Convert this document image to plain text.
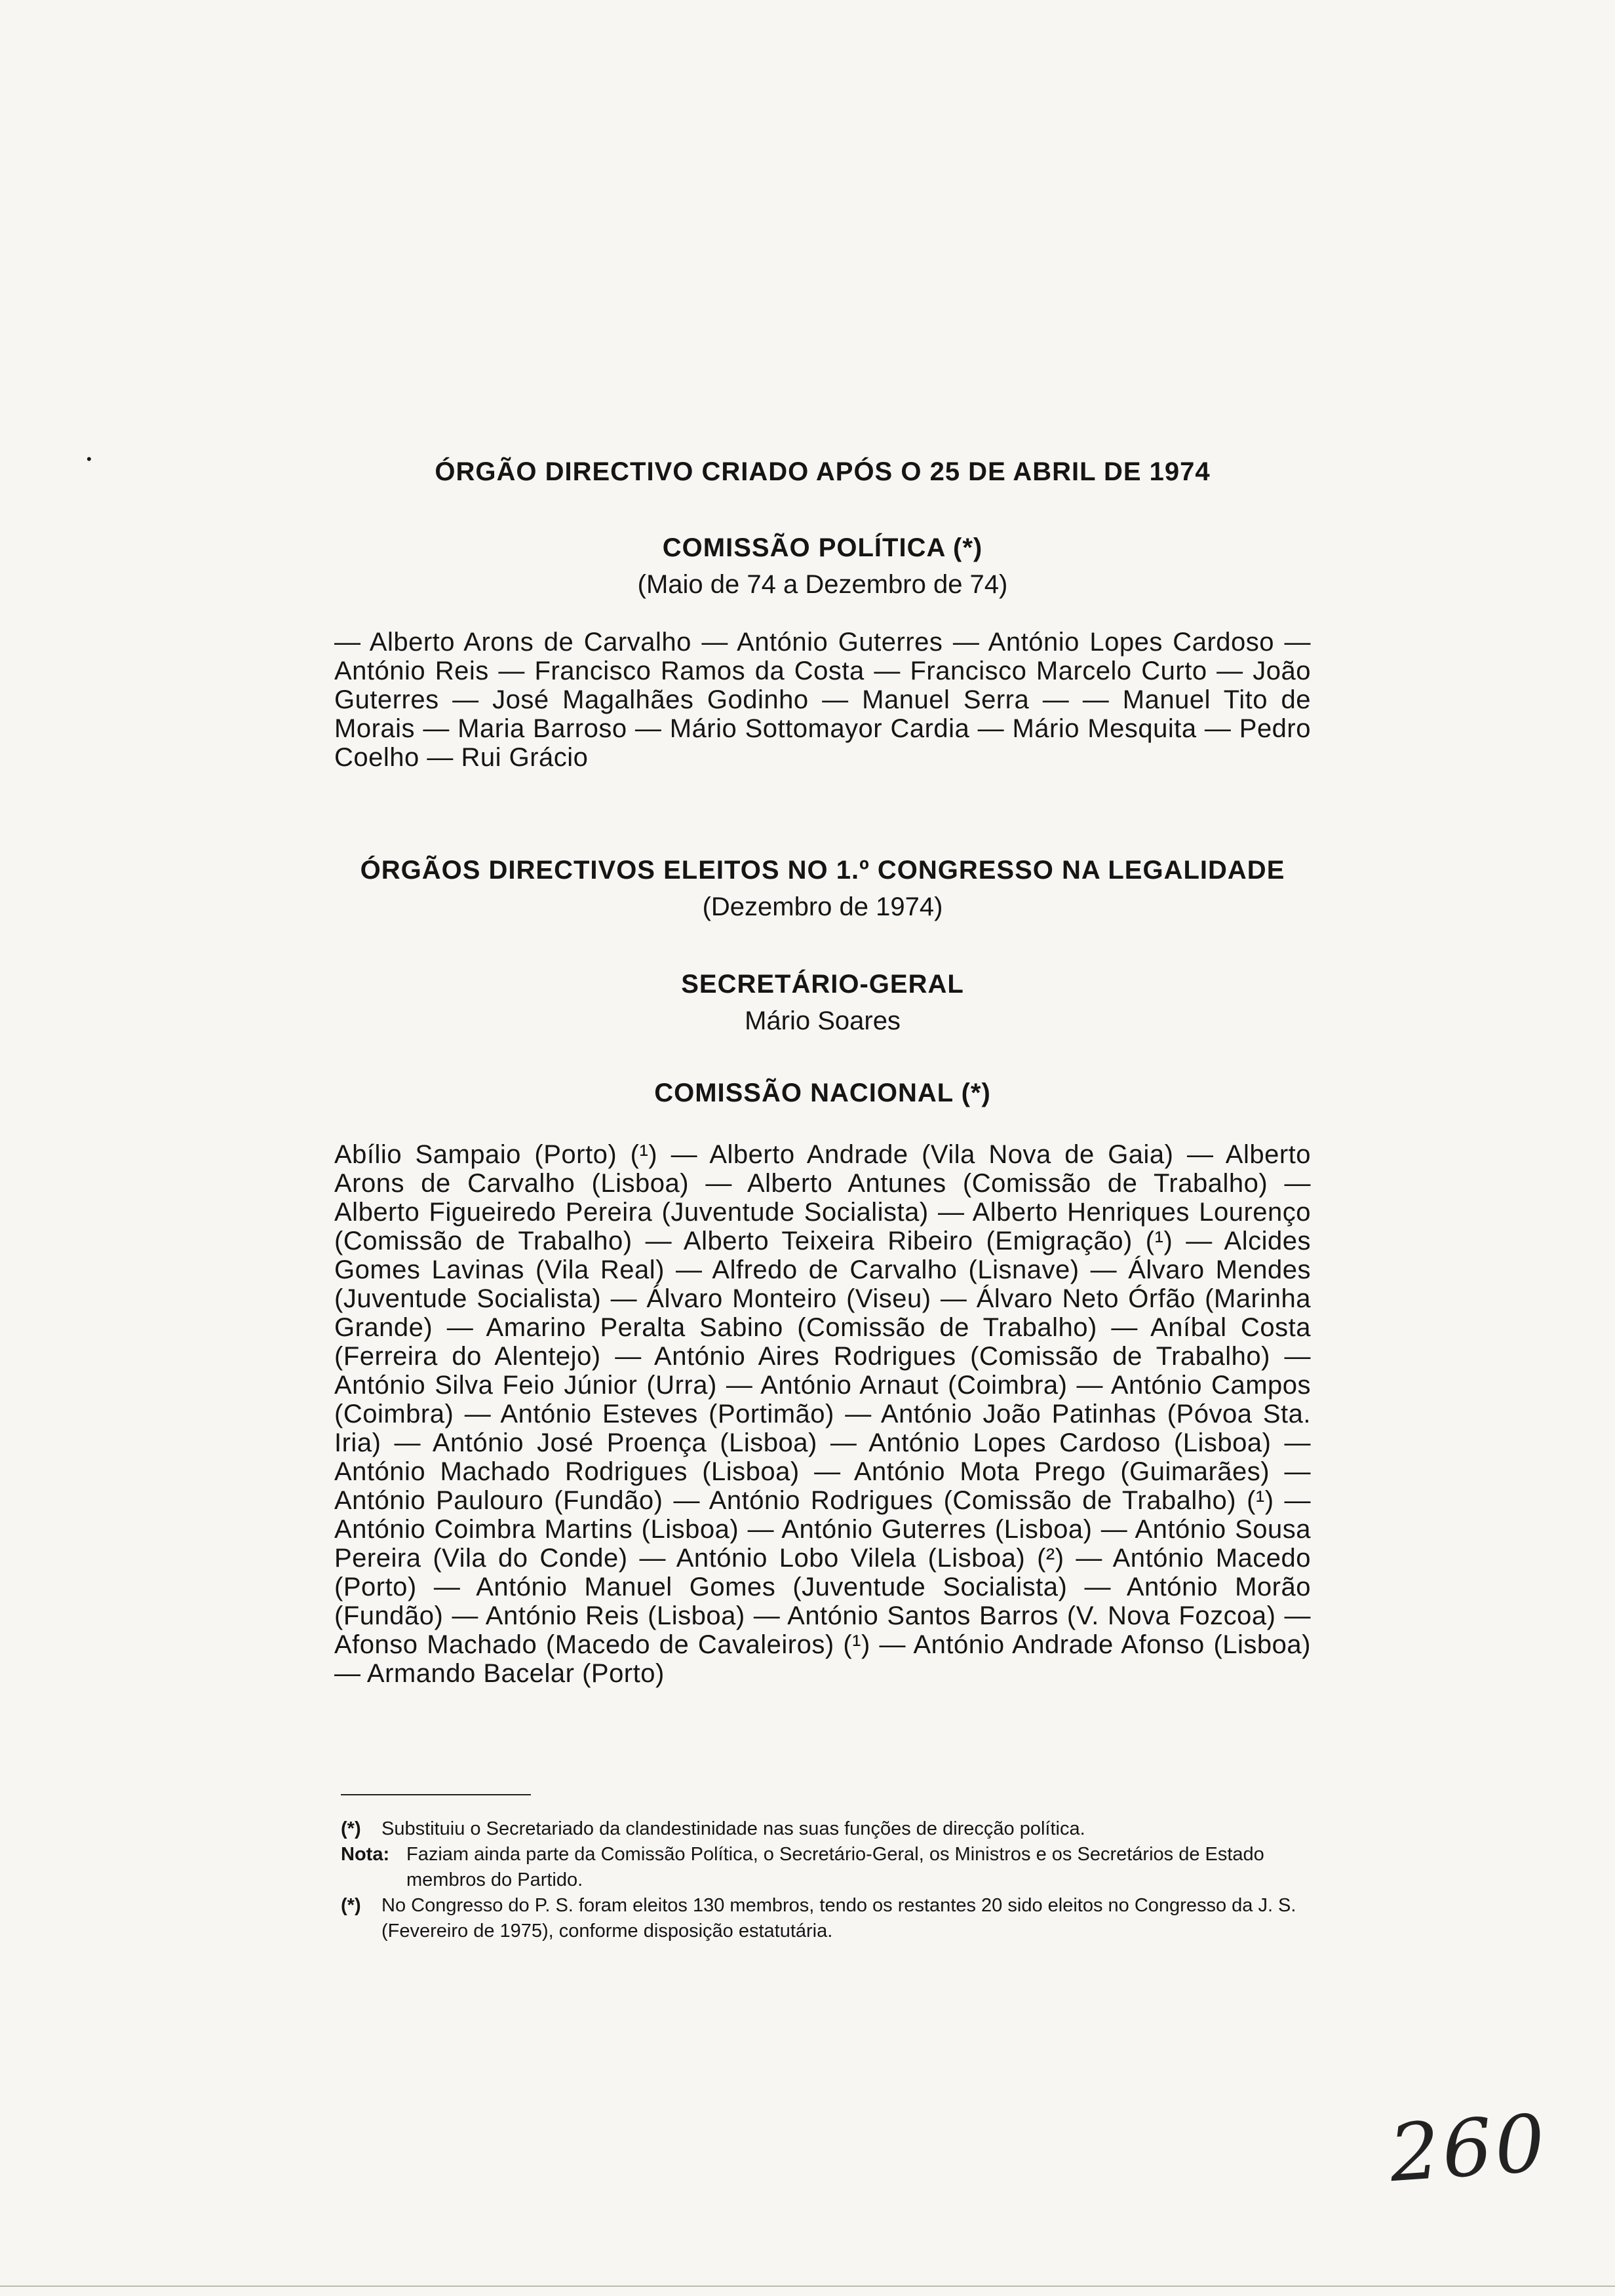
•	ÓRGÃO DIRECTIVO CRIADO APÓS O 25 DE ABRIL DE 1974
COMISSÃO POLÍTICA (*)
(Maio de 74 a Dezembro de 74)
— Alberto Arons de Carvalho — António Guterres — António Lopes Cardoso — António Reis — Francisco Ramos da Costa — Francisco Marcelo Curto — João Guterres — José Magalhães Godinho — Manuel Serra — — Manuel Tito de Morais — Maria Barroso — Mário Sottomayor Cardia — Mário Mesquita — Pedro Coelho — Rui Grácio
ÓRGÃOS DIRECTIVOS ELEITOS NO 1.º CONGRESSO NA LEGALIDADE
(Dezembro de 1974)
SECRETÁRIO-GERAL
Mário Soares
COMISSÃO NACIONAL (*)
Abílio Sampaio (Porto) (¹) — Alberto Andrade (Vila Nova de Gaia) — Alberto Arons de Carvalho (Lisboa) — Alberto Antunes (Comissão de Trabalho) — Alberto Figueiredo Pereira (Juventude Socialista) — Alberto Henriques Lourenço (Comissão de Trabalho) — Alberto Teixeira Ribeiro (Emigração) (¹) — Alcides Gomes Lavinas (Vila Real) — Alfredo de Carvalho (Lisnave) — Álvaro Mendes (Juventude Socialista) — Álvaro Monteiro (Viseu) — Álvaro Neto Órfão (Marinha Grande) — Amarino Peralta Sabino (Comissão de Trabalho) — Aníbal Costa (Ferreira do Alentejo) — António Aires Rodrigues (Comissão de Trabalho) — António Silva Feio Júnior (Urra) — António Arnaut (Coimbra) — António Campos (Coimbra) — António Esteves (Portimão) — António João Patinhas (Póvoa Sta. Iria) — António José Proença (Lisboa) — António Lopes Cardoso (Lisboa) — António Machado Rodrigues (Lisboa) — António Mota Prego (Guimarães) — António Paulouro (Fundão) — António Rodrigues (Comissão de Trabalho) (¹) — António Coimbra Martins (Lisboa) — António Guterres (Lisboa) — António Sousa Pereira (Vila do Conde) — António Lobo Vilela (Lisboa) (²) — António Macedo (Porto) — António Manuel Gomes (Juventude Socialista) — António Morão (Fundão) — António Reis (Lisboa) — António Santos Barros (V. Nova Fozcoa) — Afonso Machado (Macedo de Cavaleiros) (¹) — António Andrade Afonso (Lisboa) — Armando Bacelar (Porto)
(*)	Substituiu o Secretariado da clandestinidade nas suas funções de direcção política.
Nota: Faziam ainda parte da Comissão Política, o Secretário-Geral, os Ministros e os Secretários de Estado membros do Partido.
(*)	No Congresso do P. S. foram eleitos 130 membros, tendo os restantes 20 sido eleitos no Congresso da J. S. (Fevereiro de 1975), conforme disposição estatutária.
260
